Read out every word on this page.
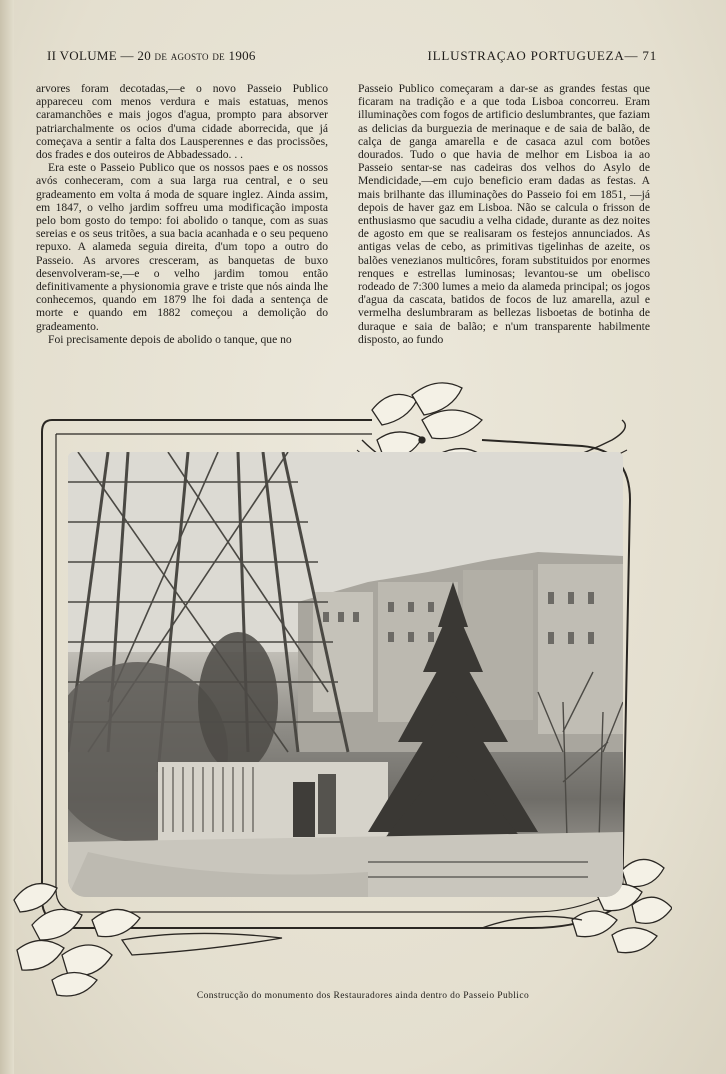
II VOLUME — 20 de agosto de 1906	ILLUSTRAÇAO PORTUGUEZA— 71

arvores foram decotadas,—e o novo Passeio Publico appareceu com menos verdura e mais estatuas, menos caramanchões e mais jogos d'agua, prompto para absorver patriarchalmente os ocios d'uma cidade aborrecida, que já começava a sentir a falta dos Lausperennes e das procissões, dos frades e dos outeiros de Abbadessado. . .

Era este o Passeio Publico que os nossos paes e os nossos avós conheceram, com a sua larga rua central, e o seu gradeamento em volta á moda de square inglez. Ainda assim, em 1847, o velho jardim soffreu uma modificação imposta pelo bom gosto do tempo: foi abolido o tanque, com as suas sereias e os seus tritões, a sua bacia acanhada e o seu pequeno repuxo. A alameda seguia direita, d'um topo a outro do Passeio. As arvores cresceram, as banquetas de buxo desenvolveram-se,—e o velho jardim tomou então definitivamente a physionomia grave e triste que nós ainda lhe conhecemos, quando em 1879 lhe foi dada a sentença de morte e quando em 1882 começou a demolição do gradeamento.

Foi precisamente depois de abolido o tanque, que no

Passeio Publico começaram a dar-se as grandes festas que ficaram na tradição e a que toda Lisboa concorreu. Eram illuminações com fogos de artificio deslumbrantes, que faziam as delicias da burguezia de merinaque e de saia de balão, de calça de ganga amarella e de casaca azul com botões dourados. Tudo o que havia de melhor em Lisboa ia ao Passeio sentar-se nas cadeiras dos velhos do Asylo de Mendicidade,—em cujo beneficio eram dadas as festas. A mais brilhante das illuminações do Passeio foi em 1851, —já depois de haver gaz em Lisboa. Não se calcula o frisson de enthusiasmo que sacudiu a velha cidade, durante as dez noites de agosto em que se realisaram os festejos annunciados. As antigas velas de cebo, as primitivas tigelinhas de azeite, os balões venezianos multicôres, foram substituidos por enormes renques e estrellas luminosas; levantou-se um obelisco rodeado de 7:300 lumes a meio da alameda principal; os jogos d'agua da cascata, batidos de focos de luz amarella, azul e vermelha deslumbraram as bellezas lisboetas de botinha de duraque e saia de balão; e n'um transparente habilmente disposto, ao fundo

Construcção do monumento dos Restauradores ainda dentro do Passeio Publico
